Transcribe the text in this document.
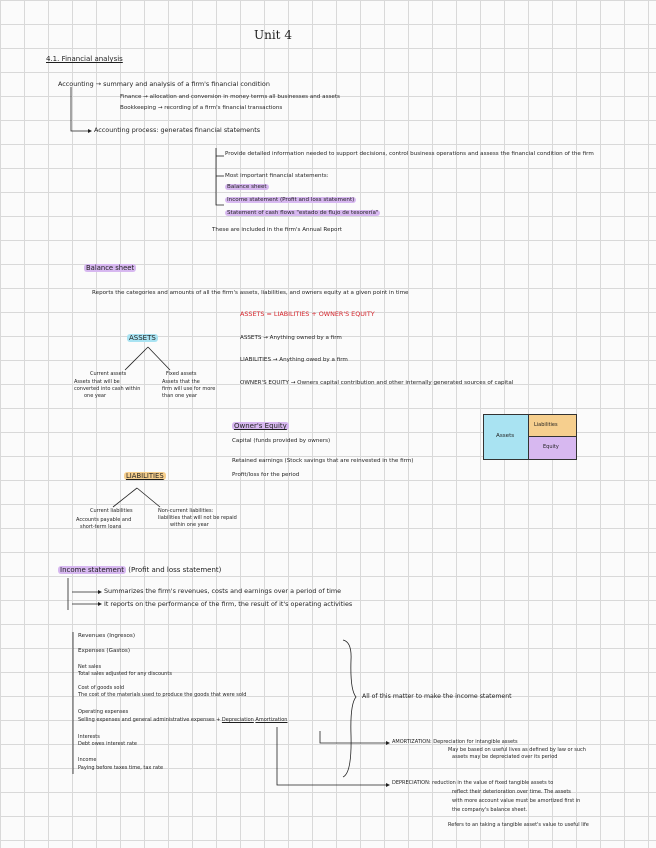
Unit 4
4.1. Financial analysis
Accounting → summary and analysis of a firm's financial condition
Finance → allocation and conversion in money terms all businesses and assets
Bookkeeping → recording of a firm's financial transactions
Accounting process: generates financial statements
Provide detailed information needed to support decisions, control business operations and assess the financial condition of the firm
Most important financial statements:
Balance sheet
Income statement (Profit and loss statement)
Statement of cash flows "estado de flujo de tesorería"
These are included in the firm's Annual Report
Balance sheet
Reports the categories and amounts of all the firm's assets, liabilities, and owners equity at a given point in time
ASSETS = LIABILITIES + OWNER'S EQUITY
ASSETS → Anything owned by a firm
LIABILITIES → Anything owed by a firm
OWNER'S EQUITY → Owners capital contribution and other internally generated sources of capital
ASSETS
Current assets
Assets that will be
converted into cash within
one year
Fixed assets
Assets that the
firm will use for more
than one year
Owner's Equity
Capital (funds provided by owners)
Retained earnings (Stock savings that are reinvested in the firm)
Profit/loss for the period
LIABILITIES
Current liabilities
Accounts payable and
short-term loans
Non-current liabilities:
liabilities that will not be repaid
within one year
Assets
Liabilities
Equity
Income statement (Profit and loss statement)
Summarizes the firm's revenues, costs and earnings over a period of time
It reports on the performance of the firm, the result of it's operating activities
Revenues (Ingresos)
Expenses (Gastos)
Net sales
Total sales adjusted for any discounts
Cost of goods sold
The cost of the materials used to produce the goods that were sold
Operating expenses
Selling expenses and general administrative expenses + Depreciation Amortization
Interests
Debt owes interest rate
Income
Paying before taxes time, tax rate
All of this matter to make the income statement
AMORTIZATION: Depreciation for intangible assets
May be based on useful lives as defined by law or such
assets may be depreciated over its period
DEPRECIATION: reduction in the value of fixed tangible assets to
reflect their deterioration over time. The assets
with more account value must be amortized first in
the company's balance sheet.
Refers to an taking a tangible asset's value to useful life
